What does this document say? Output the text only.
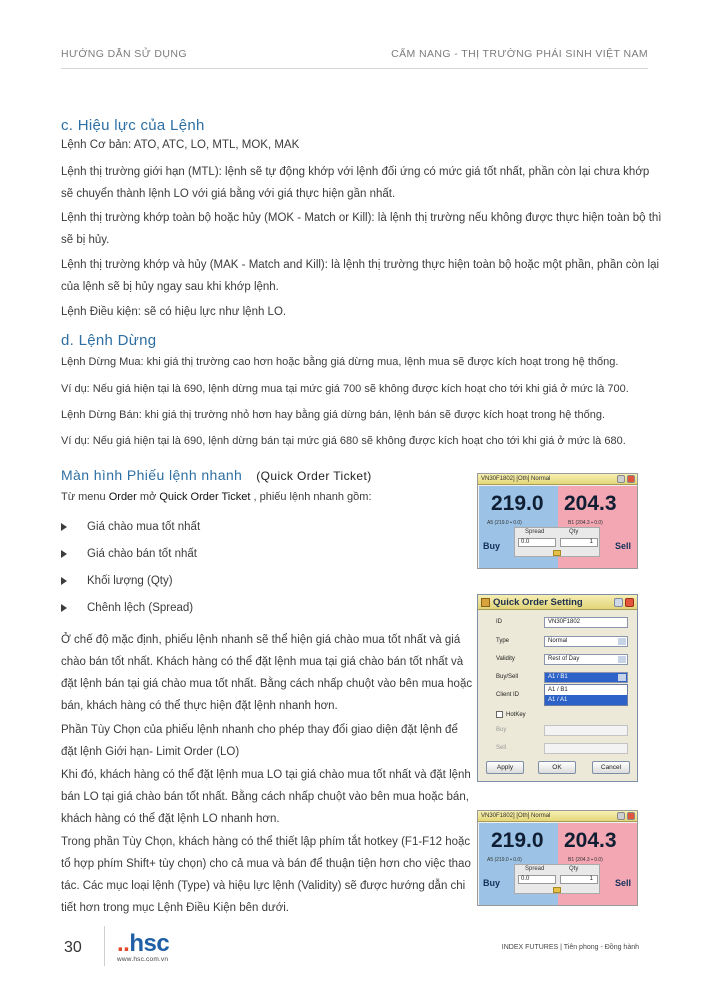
HƯỚNG DẪN SỬ DỤNG	CẨM NANG - THỊ TRƯỜNG PHÁI SINH VIỆT NAM
c. Hiệu lực của Lệnh
Lệnh Cơ bản: ATO, ATC, LO, MTL, MOK, MAK
Lệnh thị trường giới hạn (MTL): lệnh sẽ tự động khớp với lệnh đối ứng có mức giá tốt nhất, phần còn lại chưa khớp sẽ chuyển thành lệnh LO với giá bằng với giá thực hiện gần nhất.
Lệnh thị trường khớp toàn bộ hoặc hủy (MOK - Match or Kill): là lệnh thị trường nếu không được thực hiện toàn bộ thì sẽ bị hủy.
Lệnh thị trường khớp và hủy (MAK - Match and Kill): là lệnh thị trường thực hiện toàn bộ hoặc một phần, phần còn lại của lệnh sẽ bị hủy ngay sau khi khớp lệnh.
Lệnh Điều kiện: sẽ có hiệu lực như lệnh LO.
d. Lệnh Dừng
Lệnh Dừng Mua: khi giá thị trường cao hơn hoặc bằng giá dừng mua, lệnh mua sẽ được kích hoạt trong hệ thống.
Ví dụ: Nếu giá hiện tại là 690, lệnh dừng mua tại mức giá 700 sẽ không được kích hoạt cho tới khi giá ở mức là 700.
Lệnh Dừng Bán: khi giá thị trường nhỏ hơn hay bằng giá dừng bán, lệnh bán sẽ được kích hoạt trong hệ thống.
Ví dụ: Nếu giá hiện tại là 690, lệnh dừng bán tại mức giá 680 sẽ không được kích hoạt cho tới khi giá ở mức là 680.
Màn hình Phiếu lệnh nhanh (Quick Order Ticket)
Từ menu Order mở Quick Order Ticket , phiếu lệnh nhanh gồm:
Giá chào mua tốt nhất
Giá chào bán tốt nhất
Khối lượng (Qty)
Chênh lệch (Spread)
Ở chế độ mặc định, phiếu lệnh nhanh sẽ thể hiện giá chào mua tốt nhất và giá chào bán tốt nhất. Khách hàng có thể đặt lệnh mua tại giá chào bán tốt nhất và đặt lệnh bán tại giá chào mua tốt nhất. Bằng cách nhấp chuột vào bên mua hoặc bán, khách hàng có thể thực hiện đặt lệnh nhanh hơn.
Phần Tùy Chọn của phiếu lệnh nhanh cho phép thay đổi giao diện đặt lệnh để đặt lệnh Giới hạn- Limit Order (LO)
Khi đó, khách hàng có thể đặt lệnh mua LO tại giá chào mua tốt nhất và đặt lệnh bán LO tại giá chào bán tốt nhất. Bằng cách nhấp chuột vào bên mua hoặc bán, khách hàng có thể đặt lệnh LO nhanh hơn.
Trong phần Tùy Chọn, khách hàng có thể thiết lập phím tắt hotkey (F1-F12 hoặc tổ hợp phím Shift+ tùy chọn) cho cả mua và bán để thuận tiện hơn cho việc thao tác. Các mục loại lệnh (Type) và hiệu lực lệnh (Validity) sẽ được hướng dẫn chi tiết hơn trong mục Lệnh Điều Kiện bên dưới.
VN30F1802] [Oth] Normal
219.0
A5 (219.0 ▪ 0.0)
Buy
204.3
B1 (204.3 ▪ 0.0)
Sell
Spread	Qty
0.0	1
Quick Order Setting
ID	VN30F1802
Type	Normal
Validity	Rest of Day
Buy/Sell	A1 / B1
Client ID
A1 / B1
A1 / A1
HotKey
Buy
Sell
Apply	OK	Cancel
VN30F1802] [Oth] Normal
219.0
A5 (219.0 ▪ 0.0)
Buy
204.3
B1 (204.3 ▪ 0.0)
Sell
Spread	Qty
0.0	1
30 ..hsc
www.hsc.com.vn
INDEX FUTURES | Tiên phong - Đồng hành
